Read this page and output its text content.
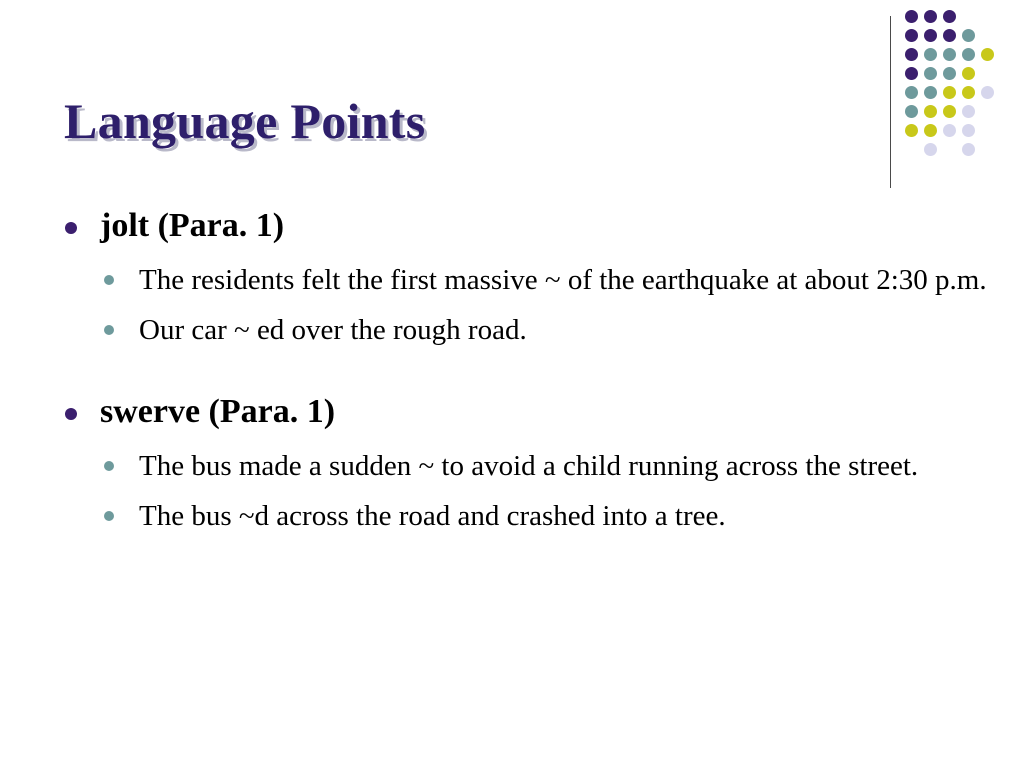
Language Points
jolt (Para. 1)
The residents felt the first massive ~ of the earthquake at about 2:30 p.m.
Our car ~ ed over the rough road.
swerve (Para. 1)
The bus made a sudden ~ to avoid a child running across the street.
The bus ~d across the road and crashed into a tree.
